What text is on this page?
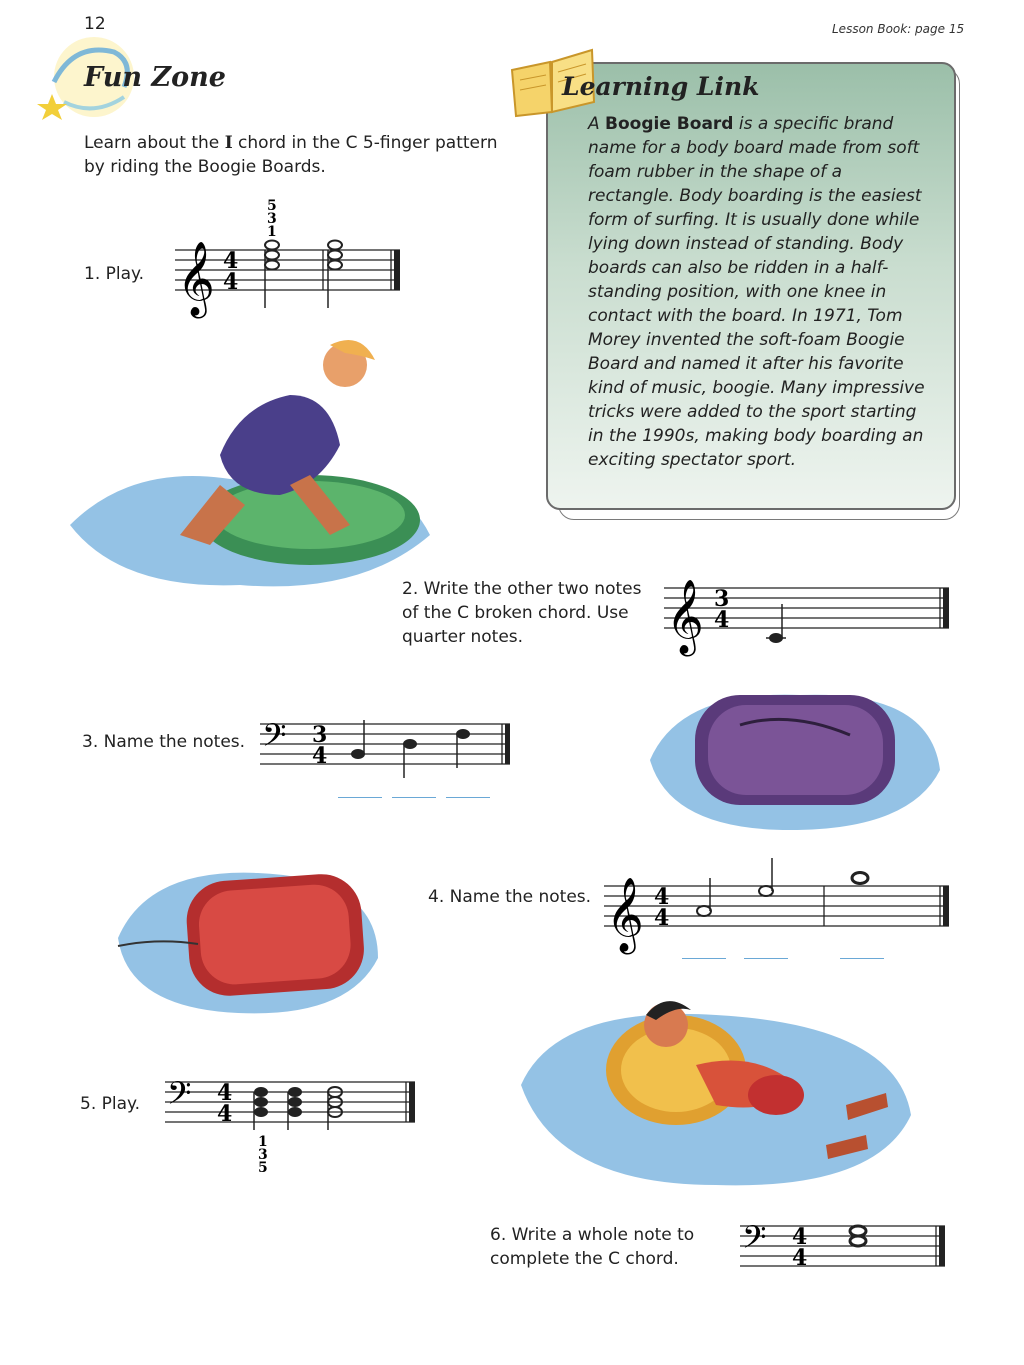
12	Lesson Book: page 15
Fun Zone
Learn about the I chord in the C 5-finger pattern by riding the Boogie Boards.
Learning Link
A Boogie Board is a specific brand name for a body board made from soft foam rubber in the shape of a rectangle. Body boarding is the easiest form of surfing. It is usually done while lying down instead of standing. Body boards can also be ridden in a half-standing position, with one knee in contact with the board. In 1971, Tom Morey invented the soft-foam Boogie Board and named it after his favorite kind of music, boogie. Many impressive tricks were added to the sport starting in the 1990s, making body boarding an exciting spectator sport.
1. Play. 𝄞 4
4
5
3
1
2. Write the other two notes of the C broken chord. Use quarter notes.	𝄞 3
4
3. Name the notes. 𝄢 3
4
4. Name the notes. 𝄞 4
4
5. Play. 𝄢 4
4
1
3
5
6. Write a whole note to complete the C chord.	𝄢 4
4
